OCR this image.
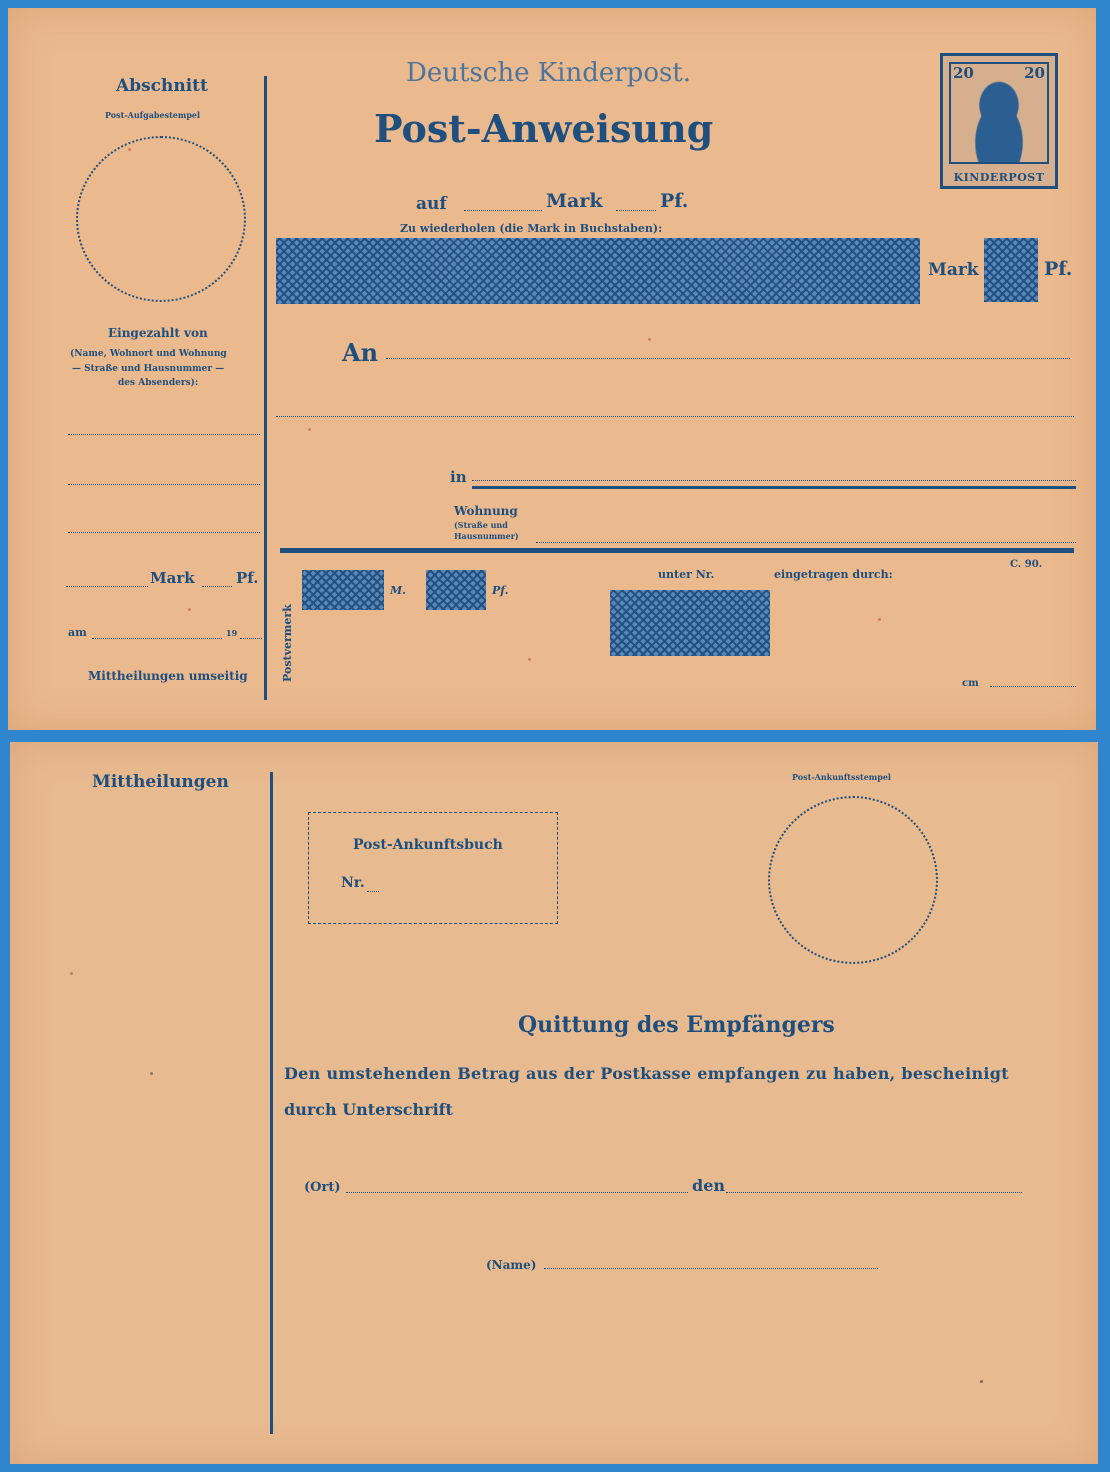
Abschnitt
Post-Aufgabestempel
Eingezahlt von
(Name, Wohnort und Wohnung
— Straße und Hausnummer —
des Absenders):
Mark	Pf.
am	19
Mittheilungen umseitig
Deutsche Kinderpost.
Post-Anweisung
20	20
KINDERPOST
auf	Mark	Pf.
Zu wiederholen (die Mark in Buchstaben):
Mark	Pf.
An
in
Wohnung
(Straße und
Hausnummer)
C. 90.
Postvermerk
M.	Pf.
unter Nr.	eingetragen durch:
cm
Mittheilungen	Post-Ankunftsstempel
Post-Ankunftsbuch
Nr.
Quittung des Empfängers
Den umstehenden Betrag aus der Postkasse empfangen zu haben, bescheinigt
durch Unterschrift
(Ort)	den
(Name)
